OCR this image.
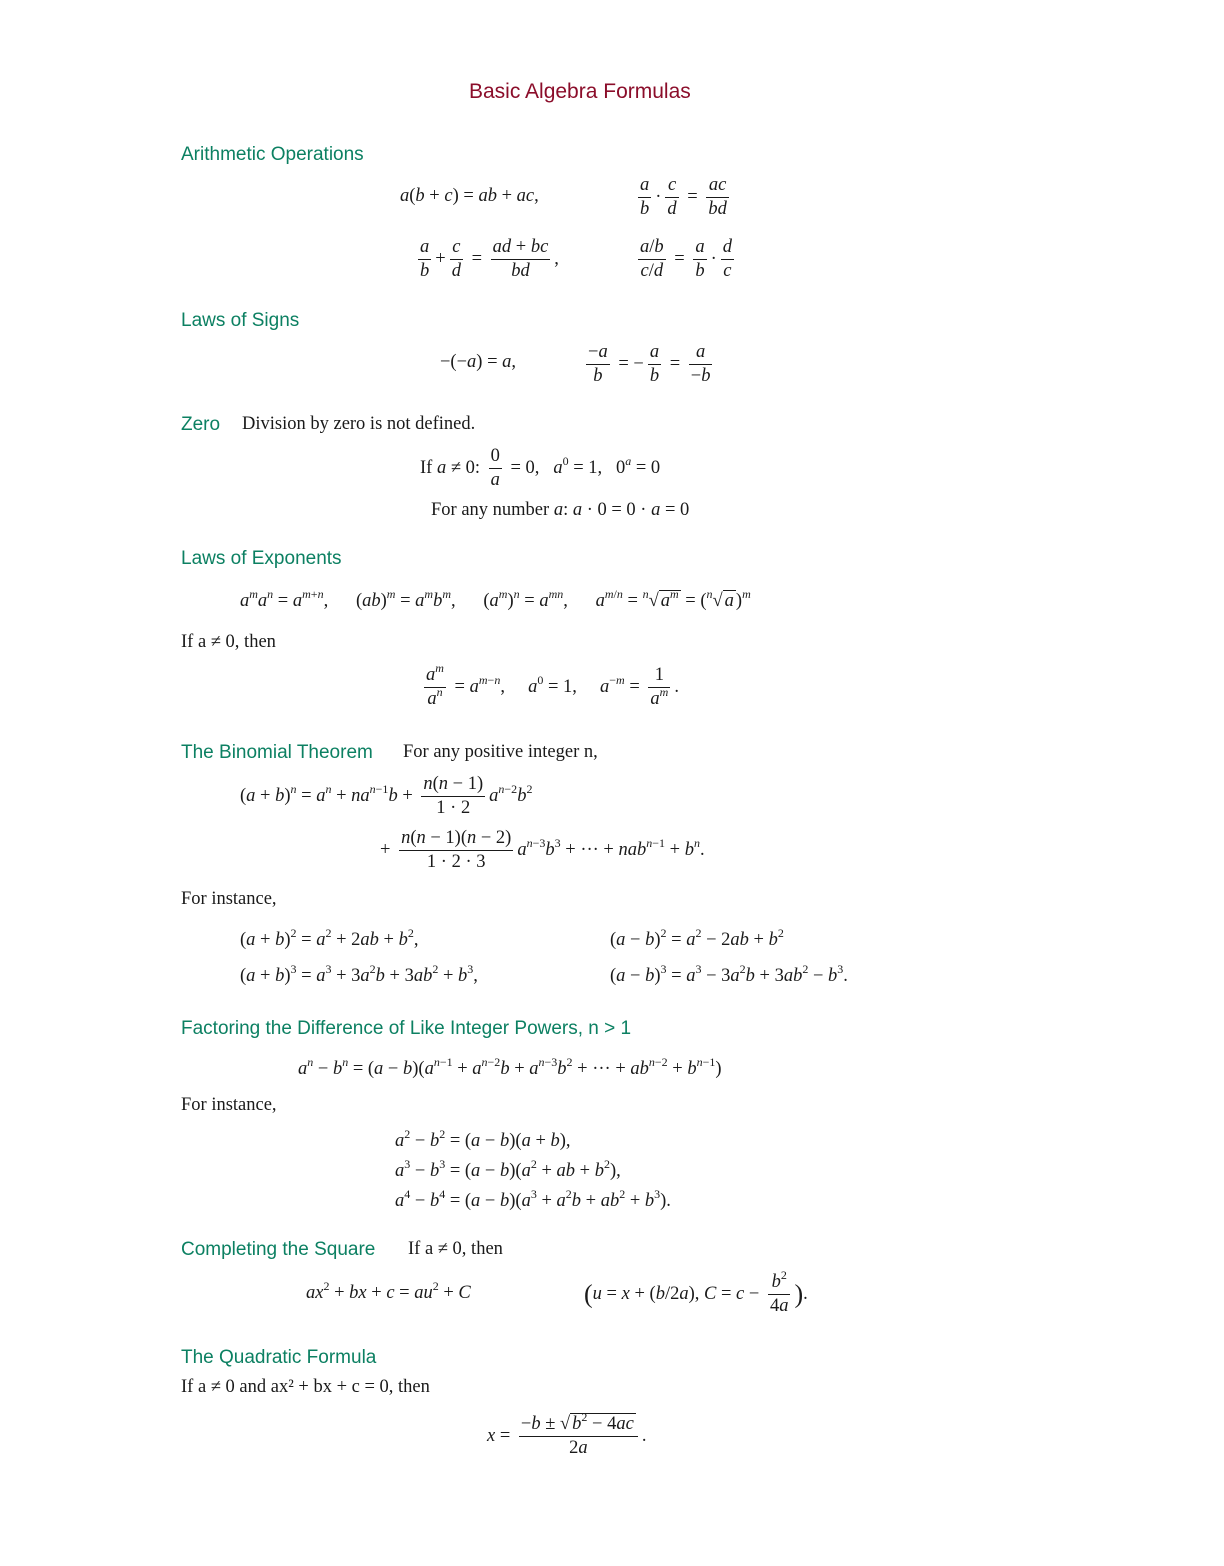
Basic Algebra Formulas
Arithmetic Operations
a(b + c) = ab + ac,	$\frac{a}{b} \cdot \frac{c}{d} = \frac{ac}{bd}$
$\frac{a}{b} + \frac{c}{d} = \frac{ad + bc}{bd}$ ,	$\frac{a/b}{c/d} = \frac{a}{b} \cdot \frac{d}{c}$
Laws of Signs
−(−a) = a,	$\frac{-a}{b}$ = − $\frac{a}{b} = \frac{a}{-b}$
Zero Division by zero is not defined.
If a ≠ 0: $\frac{0}{a} = 0$,   $a^0 = 1$,   $0^a = 0$
For any number a: a · 0 = 0 · a = 0
Laws of Exponents
$a^ma^n = a^{m+n}$,      $(ab)^m = a^mb^m$,      $(a^m)^n = a^{mn}$,      $a^{m/n} = ^n√$ $a^m = (^n√$ a )$^m$
If a ≠ 0, then
$\frac{a^m}{a^n} = a^{m-n}$,     $a^0 = 1$,     $a^{-m} = \frac{1}{a^m}$ .
The Binomial Theorem For any positive integer n,
$(a + b)^n = a^n + na^{n-1}b + \frac{n(n - 1)}{1 \cdot 2} a^{n-2}b^2$
+ $\frac{n(n - 1)(n - 2)}{1 \cdot 2 \cdot 3} a^{n-3}b^3$ + ··· + $nab^{n-1} + b^n$.
For instance,
$(a + b)^2 = a^2 + 2ab + b^2$,	$(a - b)^2 = a^2 - 2ab + b^2$
$(a + b)^3 = a^3 + 3a^2b + 3ab^2 + b^3$,	$(a - b)^3 = a^3 - 3a^2b + 3ab^2 - b^3$.
Factoring the Difference of Like Integer Powers, n > 1
$a^n - b^n = (a - b)(a^{n-1} + a^{n-2}b + a^{n-3}b^2$ + ··· + $ab^{n-2} + b^{n-1}$)
For instance,
$a^2 - b^2 = (a - b)(a + b)$,
$a^3 - b^3 = (a - b)(a^2$ + ab + $b^2$),
$a^4 - b^4 = (a - b)(a^3 + a^2b + ab^2 + b^3)$.
Completing the Square If a ≠ 0, then
$ax^2$ + bx + $c = au^2 + C$	(u = x + (b/2a), $C = c - \frac{b^2}{4a}$ ).
The Quadratic Formula
If a ≠ 0 and ax² + bx + c = 0, then
$x = \frac{-b \pm √ b^2 - 4ac}{2a}$ .
